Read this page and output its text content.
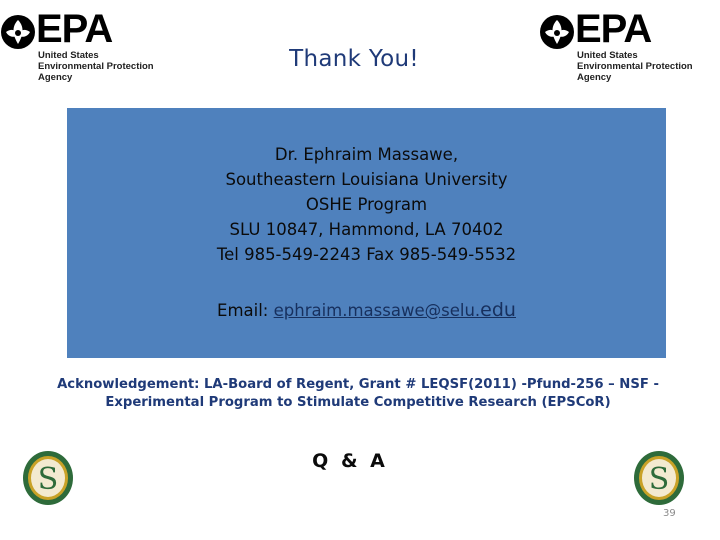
EPA
United States
Environmental Protection
Agency
EPA
United States
Environmental Protection
Agency
Thank You!
Dr. Ephraim Massawe,
Southeastern Louisiana University
OSHE Program
SLU 10847, Hammond, LA 70402
Tel 985-549-2243 Fax 985-549-5532
Email: ephraim.massawe@selu.edu
Acknowledgement: LA-Board of Regent, Grant # LEQSF(2011) -Pfund-256 – NSF -
Experimental Program to Stimulate Competitive Research (EPSCoR)
Q & A
S	S
39
